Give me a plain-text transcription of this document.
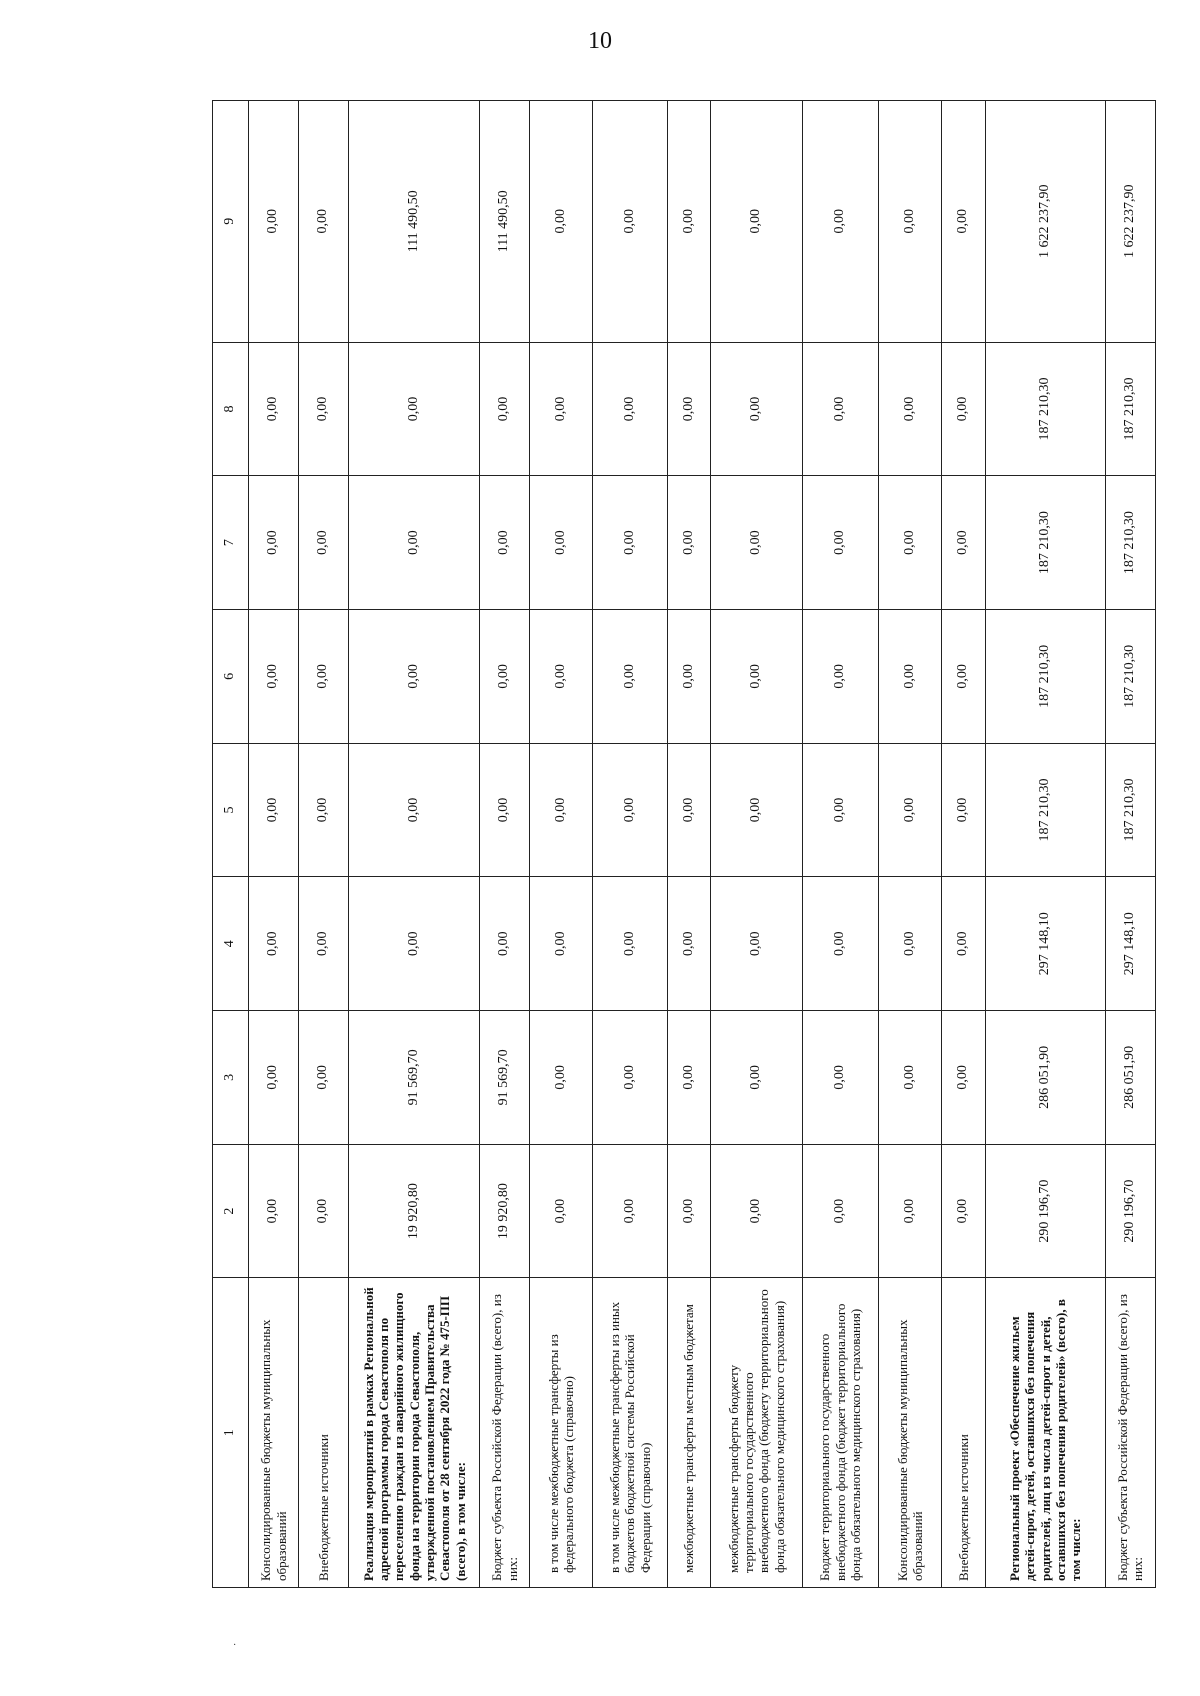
10
·
1	2	3	4	5	6	7	8	9
Консолидированные бюджеты муниципальных образований	0,00	0,00	0,00	0,00	0,00	0,00	0,00	0,00
Внебюджетные источники	0,00	0,00	0,00	0,00	0,00	0,00	0,00	0,00
Реализация мероприятий в рамках Региональной адресной программы города Севастополя по переселению граждан из аварийного жилищного фонда на территории города Севастополя, утвержденной постановлением Правительства Севастополя от 28 сентября 2022 года № 475-ПП (всего), в том числе:	19 920,80	91 569,70	0,00	0,00	0,00	0,00	0,00	111 490,50
Бюджет субъекта Российской Федерации (всего), из них:	19 920,80	91 569,70	0,00	0,00	0,00	0,00	0,00	111 490,50
в том числе межбюджетные трансферты из федерального бюджета (справочно)	0,00	0,00	0,00	0,00	0,00	0,00	0,00	0,00
в том числе межбюджетные трансферты из иных бюджетов бюджетной системы Российской Федерации (справочно)	0,00	0,00	0,00	0,00	0,00	0,00	0,00	0,00
межбюджетные трансферты местным бюджетам	0,00	0,00	0,00	0,00	0,00	0,00	0,00	0,00
межбюджетные трансферты бюджету территориального государственного внебюджетного фонда (бюджету территориального фонда обязательного медицинского страхования)	0,00	0,00	0,00	0,00	0,00	0,00	0,00	0,00
Бюджет территориального государственного внебюджетного фонда (бюджет территориального фонда обязательного медицинского страхования)	0,00	0,00	0,00	0,00	0,00	0,00	0,00	0,00
Консолидированные бюджеты муниципальных образований	0,00	0,00	0,00	0,00	0,00	0,00	0,00	0,00
Внебюджетные источники	0,00	0,00	0,00	0,00	0,00	0,00	0,00	0,00
Региональный проект «Обеспечение жильем детей-сирот, детей, оставшихся без попечения родителей, лиц из числа детей-сирот и детей, оставшихся без попечения родителей» (всего), в том числе:	290 196,70	286 051,90	297 148,10	187 210,30	187 210,30	187 210,30	187 210,30	1 622 237,90
Бюджет субъекта Российской Федерации (всего), из них:	290 196,70	286 051,90	297 148,10	187 210,30	187 210,30	187 210,30	187 210,30	1 622 237,90
